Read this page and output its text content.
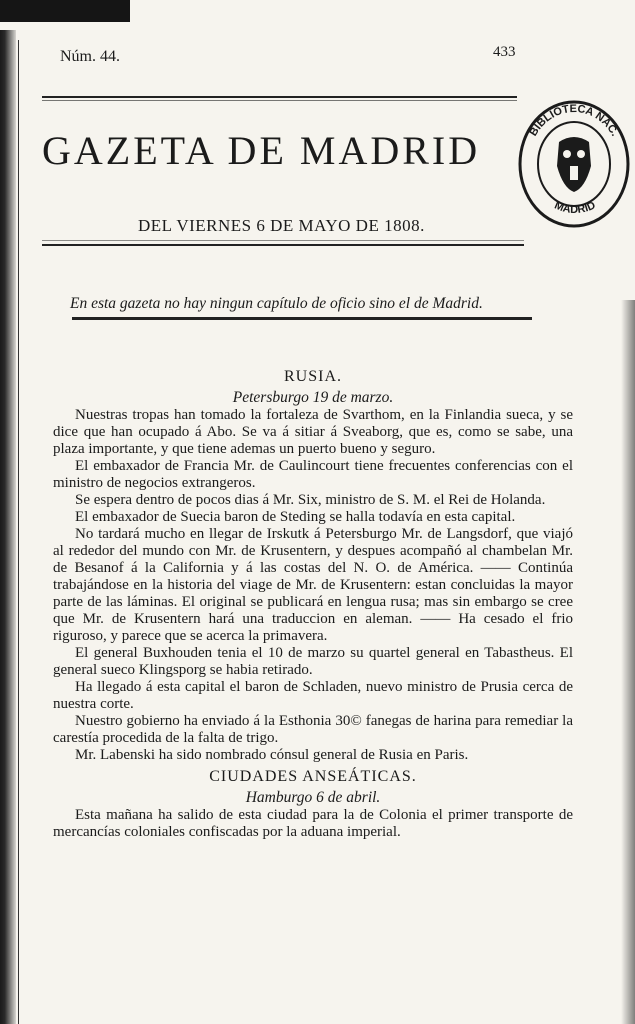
Núm. 44.	433
GAZETA DE MADRID	BIBLIOTECA NAC.
MADRID
DEL VIERNES 6 DE MAYO DE 1808.
En esta gazeta no hay ningun capítulo de oficio sino el de Madrid.
RUSIA.
Petersburgo 19 de marzo.

Nuestras tropas han tomado la fortaleza de Svarthom, en la Finlandia sueca, y se dice que han ocupado á Abo. Se va á sitiar á Sveaborg, que es, como se sabe, una plaza importante, y que tiene ademas un puerto bueno y seguro.

El embaxador de Francia Mr. de Caulincourt tiene frecuentes conferencias con el ministro de negocios extrangeros.

Se espera dentro de pocos dias á Mr. Six, ministro de S. M. el Rei de Holanda.

El embaxador de Suecia baron de Steding se halla todavía en esta capital.

No tardará mucho en llegar de Irskutk á Petersburgo Mr. de Langsdorf, que viajó al rededor del mundo con Mr. de Krusentern, y despues acompañó al chambelan Mr. de Besanof á la California y á las costas del N. O. de América. —— Continúa trabajándose en la historia del viage de Mr. de Krusentern: estan concluidas la mayor parte de las láminas. El original se publicará en lengua rusa; mas sin embargo se cree que Mr. de Krusentern hará una traduccion en aleman. —— Ha cesado el frio riguroso, y parece que se acerca la primavera.

El general Buxhouden tenia el 10 de marzo su quartel general en Tabastheus. El general sueco Klingsporg se habia retirado.

Ha llegado á esta capital el baron de Schladen, nuevo ministro de Prusia cerca de nuestra corte.

Nuestro gobierno ha enviado á la Esthonia 30© fanegas de harina para remediar la carestía procedida de la falta de trigo.

Mr. Labenski ha sido nombrado cónsul general de Rusia en Paris.

CIUDADES ANSEÁTICAS.
Hamburgo 6 de abril.

Esta mañana ha salido de esta ciudad para la de Colonia el primer transporte de mercancías coloniales confiscadas por la aduana imperial.
